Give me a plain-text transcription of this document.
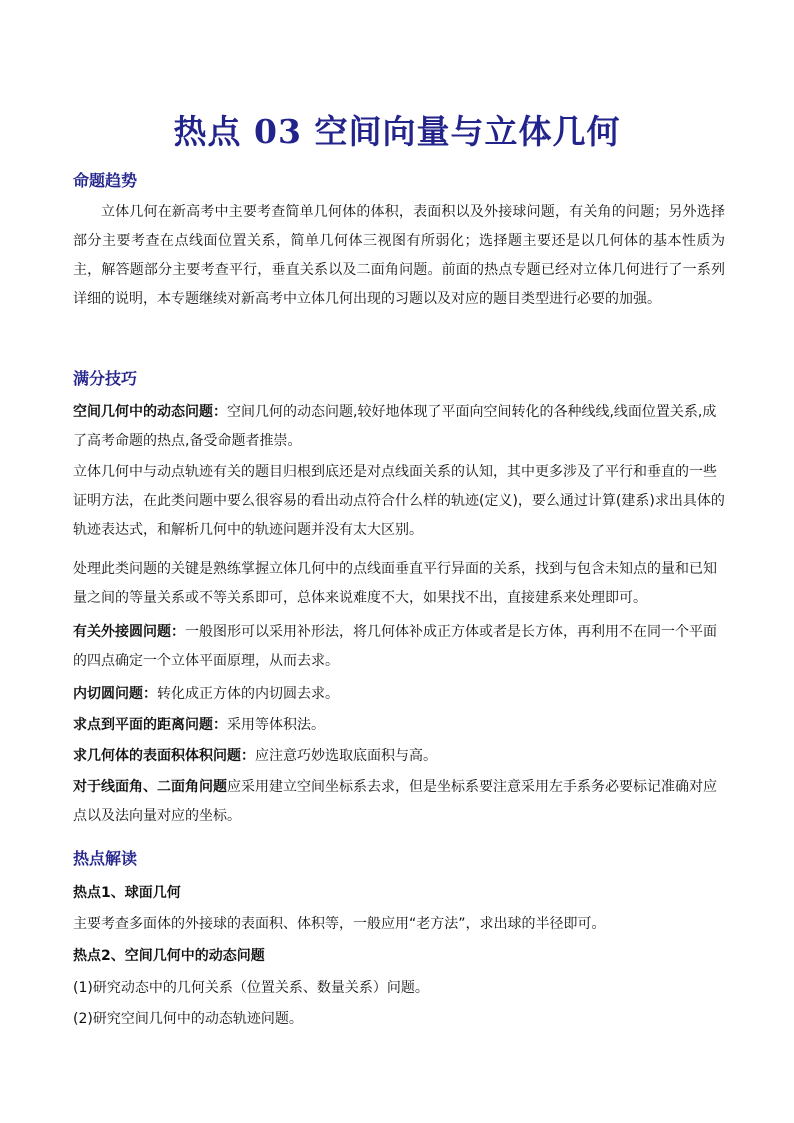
热点 03 空间向量与立体几何
命题趋势

立体几何在新高考中主要考查简单几何体的体积，表面积以及外接球问题，有关角的问题；另外选择部分主要考查在点线面位置关系，简单几何体三视图有所弱化；选择题主要还是以几何体的基本性质为主，解答题部分主要考查平行，垂直关系以及二面角问题。前面的热点专题已经对立体几何进行了一系列详细的说明，本专题继续对新高考中立体几何出现的习题以及对应的题目类型进行必要的加强。

满分技巧

空间几何中的动态问题：空间几何的动态问题,较好地体现了平面向空间转化的各种线线,线面位置关系,成了高考命题的热点,备受命题者推崇。

立体几何中与动点轨迹有关的题目归根到底还是对点线面关系的认知，其中更多涉及了平行和垂直的一些证明方法，在此类问题中要么很容易的看出动点符合什么样的轨迹(定义)，要么通过计算(建系)求出具体的轨迹表达式，和解析几何中的轨迹问题并没有太大区别。

处理此类问题的关键是熟练掌握立体几何中的点线面垂直平行异面的关系，找到与包含未知点的量和已知量之间的等量关系或不等关系即可，总体来说难度不大，如果找不出，直接建系来处理即可。

有关外接圆问题：一般图形可以采用补形法，将几何体补成正方体或者是长方体，再利用不在同一个平面的四点确定一个立体平面原理，从而去求。

内切圆问题：转化成正方体的内切圆去求。

求点到平面的距离问题：采用等体积法。

求几何体的表面积体积问题：应注意巧妙选取底面积与高。

对于线面角、二面角问题应采用建立空间坐标系去求，但是坐标系要注意采用左手系务必要标记准确对应点以及法向量对应的坐标。

热点解读
热点1、球面几何
主要考查多面体的外接球的表面积、体积等，一般应用“老方法”，求出球的半径即可。
热点2、空间几何中的动态问题
(1)研究动态中的几何关系（位置关系、数量关系）问题。
(2)研究空间几何中的动态轨迹问题。
